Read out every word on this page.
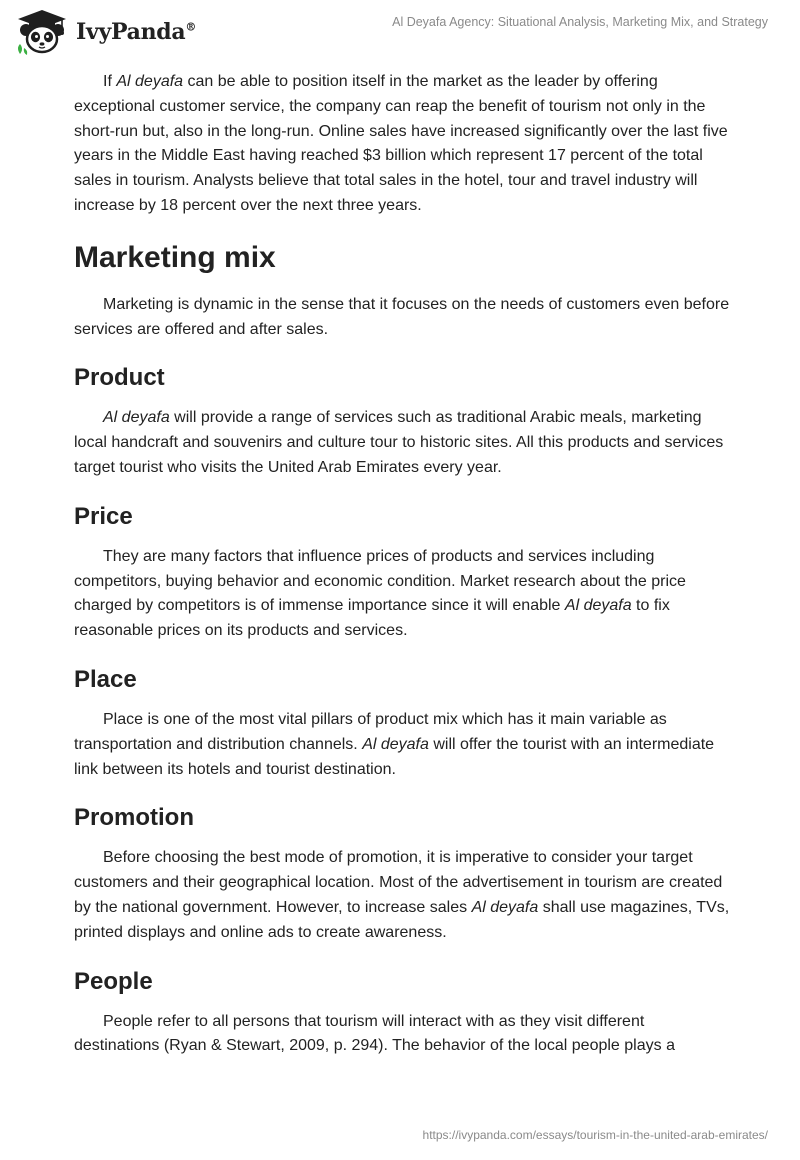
IvyPanda®	Al Deyafa Agency: Situational Analysis, Marketing Mix, and Strategy

If Al deyafa can be able to position itself in the market as the leader by offering exceptional customer service, the company can reap the benefit of tourism not only in the short-run but, also in the long-run. Online sales have increased significantly over the last five years in the Middle East having reached $3 billion which represent 17 percent of the total sales in tourism. Analysts believe that total sales in the hotel, tour and travel industry will increase by 18 percent over the next three years.

Marketing mix

Marketing is dynamic in the sense that it focuses on the needs of customers even before services are offered and after sales.

Product

Al deyafa will provide a range of services such as traditional Arabic meals, marketing local handcraft and souvenirs and culture tour to historic sites. All this products and services target tourist who visits the United Arab Emirates every year.

Price

They are many factors that influence prices of products and services including competitors, buying behavior and economic condition. Market research about the price charged by competitors is of immense importance since it will enable Al deyafa to fix reasonable prices on its products and services.

Place

Place is one of the most vital pillars of product mix which has it main variable as transportation and distribution channels. Al deyafa will offer the tourist with an intermediate link between its hotels and tourist destination.

Promotion

Before choosing the best mode of promotion, it is imperative to consider your target customers and their geographical location. Most of the advertisement in tourism are created by the national government. However, to increase sales Al deyafa shall use magazines, TVs, printed displays and online ads to create awareness.

People

People refer to all persons that tourism will interact with as they visit different destinations (Ryan & Stewart, 2009, p. 294). The behavior of the local people plays a

https://ivypanda.com/essays/tourism-in-the-united-arab-emirates/
